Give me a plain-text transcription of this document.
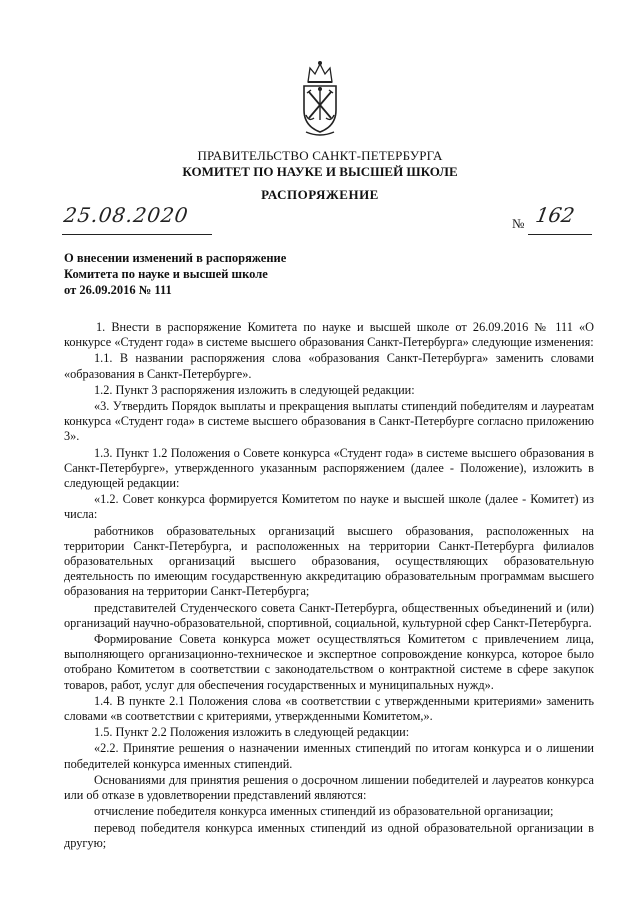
ПРАВИТЕЛЬСТВО САНКТ-ПЕТЕРБУРГА
КОМИТЕТ ПО НАУКЕ И ВЫСШЕЙ ШКОЛЕ
РАСПОРЯЖЕНИЕ
25.08.2020	№ 162
О внесении изменений в распоряжение
Комитета по науке и высшей школе
от 26.09.2016 № 111

1. Внести в распоряжение Комитета по науке и высшей школе от 26.09.2016 № 111 «О конкурсе «Студент года» в системе высшего образования Санкт-Петербурга» следующие изменения:

1.1. В названии распоряжения слова «образования Санкт-Петербурга» заменить словами «образования в Санкт-Петербурге».

1.2. Пункт 3 распоряжения изложить в следующей редакции:

«3. Утвердить Порядок выплаты и прекращения выплаты стипендий победителям и лауреатам конкурса «Студент года» в системе высшего образования в Санкт-Петербурге согласно приложению 3».

1.3. Пункт 1.2 Положения о Совете конкурса «Студент года» в системе высшего образования в Санкт-Петербурге», утвержденного указанным распоряжением (далее - Положение), изложить в следующей редакции:

«1.2. Совет конкурса формируется Комитетом по науке и высшей школе (далее - Комитет) из числа:

работников образовательных организаций высшего образования, расположенных на территории Санкт-Петербурга, и расположенных на территории Санкт-Петербурга филиалов образовательных организаций высшего образования, осуществляющих образовательную деятельность по имеющим государственную аккредитацию образовательным программам высшего образования на территории Санкт-Петербурга;

представителей Студенческого совета Санкт-Петербурга, общественных объединений и (или) организаций научно-образовательной, спортивной, социальной, культурной сфер Санкт-Петербурга.

Формирование Совета конкурса может осуществляться Комитетом с привлечением лица, выполняющего организационно-техническое и экспертное сопровождение конкурса, которое было отобрано Комитетом в соответствии с законодательством о контрактной системе в сфере закупок товаров, работ, услуг для обеспечения государственных и муниципальных нужд».

1.4. В пункте 2.1 Положения слова «в соответствии с утвержденными критериями» заменить словами «в соответствии с критериями, утвержденными Комитетом,».

1.5. Пункт 2.2 Положения изложить в следующей редакции:

«2.2. Принятие решения о назначении именных стипендий по итогам конкурса и о лишении победителей конкурса именных стипендий.

Основаниями для принятия решения о досрочном лишении победителей и лауреатов конкурса или об отказе в удовлетворении представлений являются:

отчисление победителя конкурса именных стипендий из образовательной организации;

перевод победителя конкурса именных стипендий из одной образовательной организации в другую;
